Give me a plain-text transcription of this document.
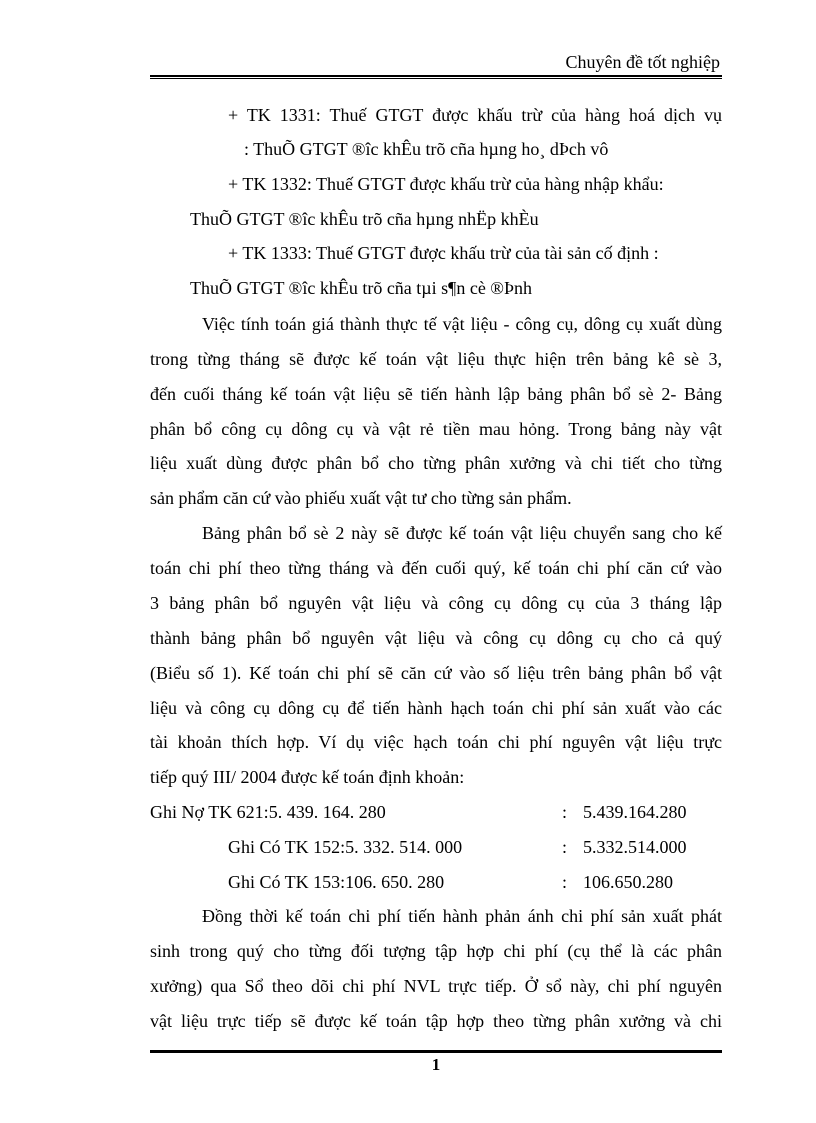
Chuyên đề tốt nghiệp
+ TK 1331: Thuế GTGT được khấu trừ của hàng hoá dịch vụ
: ThuÕ GTGT ®îc khÊu trõ cña hµng ho¸ dÞch vô
+ TK 1332: Thuế GTGT được khấu trừ của hàng nhập khẩu:
ThuÕ GTGT ®îc khÊu trõ cña hµng nhËp khÈu
+ TK 1333: Thuế GTGT được khấu trừ của tài sản cố định :
ThuÕ GTGT ®îc khÊu trõ cña tµi s¶n cè ®Þnh
Việc tính toán giá thành thực tế vật liệu - công cụ, dông cụ xuất dùng
trong từng tháng sẽ được kế toán vật liệu thực hiện trên bảng kê sè 3,
đến cuối tháng kế toán vật liệu sẽ tiến hành lập bảng phân bổ sè 2- Bảng
phân bổ công cụ dông cụ và vật rẻ tiền mau hỏng. Trong bảng này vật
liệu xuất dùng được phân bổ cho từng phân xưởng và chi tiết cho từng
sản phẩm căn cứ vào phiếu xuất vật tư cho từng sản phẩm.
Bảng phân bổ sè 2 này sẽ được kế toán vật liệu chuyển sang cho kế
toán chi phí theo từng tháng và đến cuối quý, kế toán chi phí căn cứ vào
3 bảng phân bổ nguyên vật liệu và công cụ dông cụ của 3 tháng lập
thành bảng phân bổ nguyên vật liệu và công cụ dông cụ cho cả quý
(Biểu số 1). Kế toán chi phí sẽ căn cứ vào số liệu trên bảng phân bổ vật
liệu và công cụ dông cụ để tiến hành hạch toán chi phí sản xuất vào các
tài khoản thích hợp. Ví dụ việc hạch toán chi phí nguyên vật liệu trực
tiếp quý III/ 2004 được kế toán định khoản:
Ghi Nợ TK 621:5. 439. 164. 280	: 5.439.164.280
Ghi Có TK 152:5. 332. 514. 000	: 5.332.514.000
Ghi Có TK 153:106. 650. 280	: 106.650.280
Đồng thời kế toán chi phí tiến hành phản ánh chi phí sản xuất phát
sinh trong quý cho từng đối tượng tập hợp chi phí (cụ thể là các phân
xưởng) qua Sổ theo dõi chi phí NVL trực tiếp. Ở sổ này, chi phí nguyên
vật liệu trực tiếp sẽ được kế toán tập hợp theo từng phân xưởng và chi
1
